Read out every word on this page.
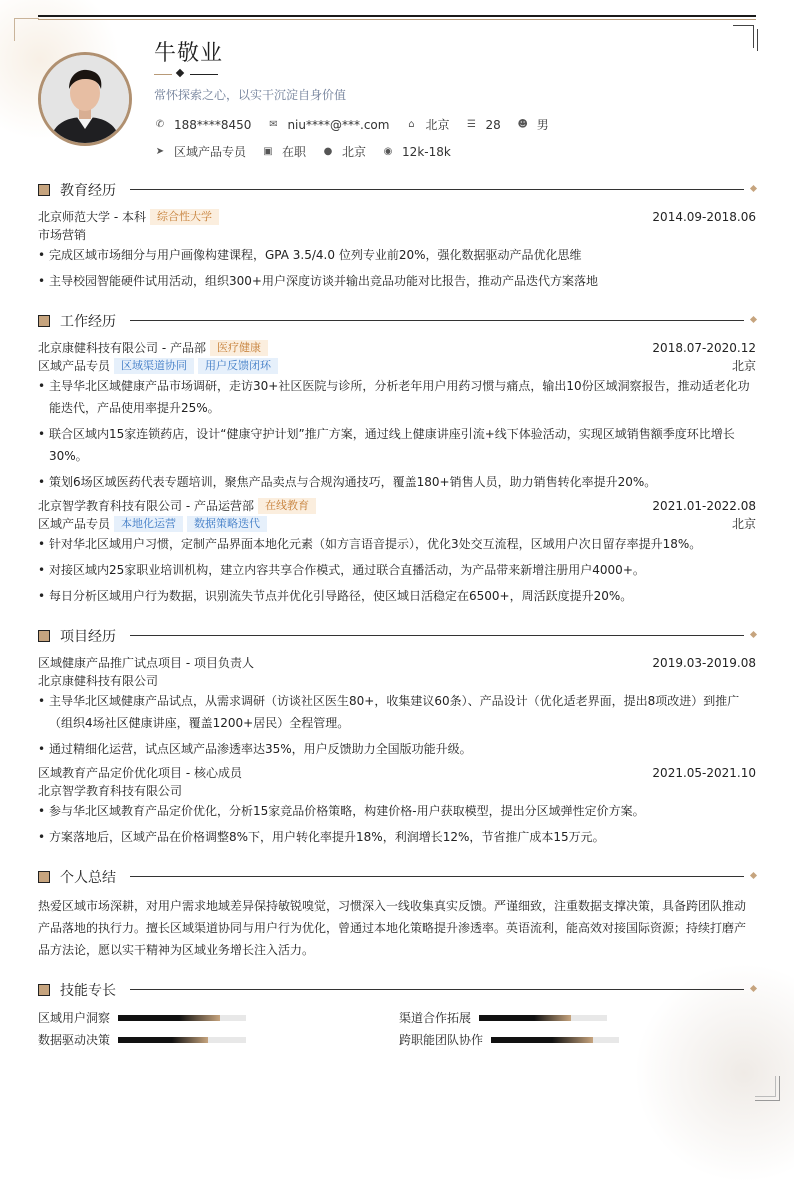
牛敬业
常怀探索之心，以实干沉淀自身价值
✆ 188****8450 ✉ niu****@***.com ⌂ 北京 ☰ 28 ☻ 男
➤ 区域产品专员 ▣ 在职 ● 北京 ◉ 12k-18k
教育经历
北京师范大学 - 本科	综合性大学	2014.09-2018.06
市场营销
• 完成区域市场细分与用户画像构建课程，GPA 3.5/4.0 位列专业前20%，强化数据驱动产品优化思维
• 主导校园智能硬件试用活动，组织300+用户深度访谈并输出竞品功能对比报告，推动产品迭代方案落地
工作经历
北京康健科技有限公司 - 产品部	医疗健康	2018.07-2020.12
区域产品专员	区域渠道协同	用户反馈闭环	北京
• 主导华北区域健康产品市场调研，走访30+社区医院与诊所，分析老年用户用药习惯与痛点，输出10份区域洞察报告，推动适老化功能迭代，产品使用率提升25%。
• 联合区域内15家连锁药店，设计“健康守护计划”推广方案，通过线上健康讲座引流+线下体验活动，实现区域销售额季度环比增长30%。
• 策划6场区域医药代表专题培训，聚焦产品卖点与合规沟通技巧，覆盖180+销售人员，助力销售转化率提升20%。
北京智学教育科技有限公司 - 产品运营部	在线教育	2021.01-2022.08
区域产品专员	本地化运营	数据策略迭代	北京
• 针对华北区域用户习惯，定制产品界面本地化元素（如方言语音提示），优化3处交互流程，区域用户次日留存率提升18%。
• 对接区域内25家职业培训机构，建立内容共享合作模式，通过联合直播活动，为产品带来新增注册用户4000+。
• 每日分析区域用户行为数据，识别流失节点并优化引导路径，使区域日活稳定在6500+，周活跃度提升20%。
项目经历
区域健康产品推广试点项目 - 项目负责人	2019.03-2019.08
北京康健科技有限公司
• 主导华北区域健康产品试点，从需求调研（访谈社区医生80+，收集建议60条）、产品设计（优化适老界面，提出8项改进）到推广（组织4场社区健康讲座，覆盖1200+居民）全程管理。
• 通过精细化运营，试点区域产品渗透率达35%，用户反馈助力全国版功能升级。
区域教育产品定价优化项目 - 核心成员	2021.05-2021.10
北京智学教育科技有限公司
• 参与华北区域教育产品定价优化，分析15家竞品价格策略，构建价格-用户获取模型，提出分区域弹性定价方案。
• 方案落地后，区域产品在价格调整8%下，用户转化率提升18%，利润增长12%，节省推广成本15万元。
个人总结
热爱区域市场深耕，对用户需求地域差异保持敏锐嗅觉，习惯深入一线收集真实反馈。严谨细致，注重数据支撑决策，具备跨团队推动产品落地的执行力。擅长区域渠道协同与用户行为优化，曾通过本地化策略提升渗透率。英语流利，能高效对接国际资源；持续打磨产品方法论，愿以实干精神为区域业务增长注入活力。
技能专长
区域用户洞察	渠道合作拓展
数据驱动决策	跨职能团队协作
